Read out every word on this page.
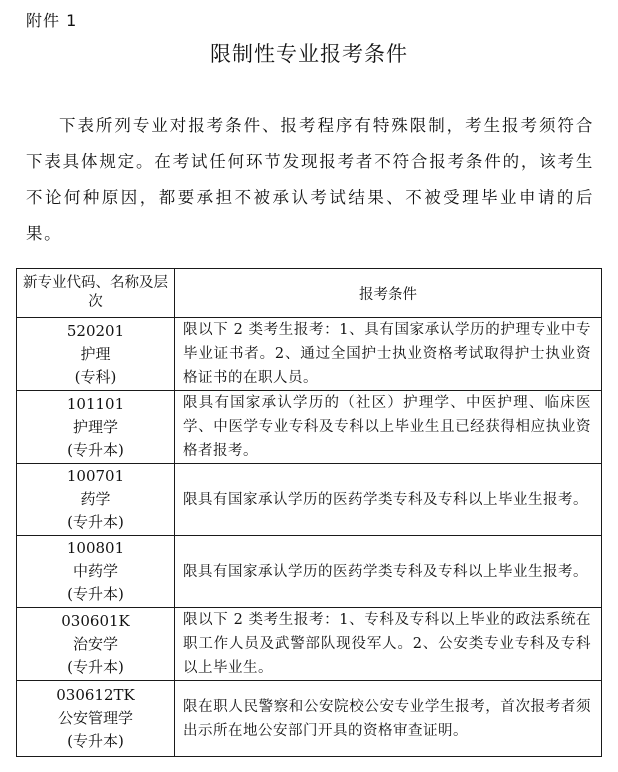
附件 1
限制性专业报考条件
下表所列专业对报考条件、报考程序有特殊限制，考生报考须符合下表具体规定。在考试任何环节发现报考者不符合报考条件的，该考生不论何种原因，都要承担不被承认考试结果、不被受理毕业申请的后果。
新专业代码、名称及层次	报考条件

520201
护理
(专科)	限以下 2 类考生报考：1、具有国家承认学历的护理专业中专毕业证书者。2、通过全国护士执业资格考试取得护士执业资格证书的在职人员。

101101
护理学
(专升本)	限具有国家承认学历的（社区）护理学、中医护理、临床医学、中医学专业专科及专科以上毕业生且已经获得相应执业资格者报考。

100701
药学
(专升本)	限具有国家承认学历的医药学类专科及专科以上毕业生报考。

100801
中药学
(专升本)	限具有国家承认学历的医药学类专科及专科以上毕业生报考。

030601K
治安学
(专升本)	限以下 2 类考生报考：1、专科及专科以上毕业的政法系统在职工作人员及武警部队现役军人。2、公安类专业专科及专科以上毕业生。

030612TK
公安管理学
(专升本)	限在职人民警察和公安院校公安专业学生报考，首次报考者须出示所在地公安部门开具的资格审查证明。
